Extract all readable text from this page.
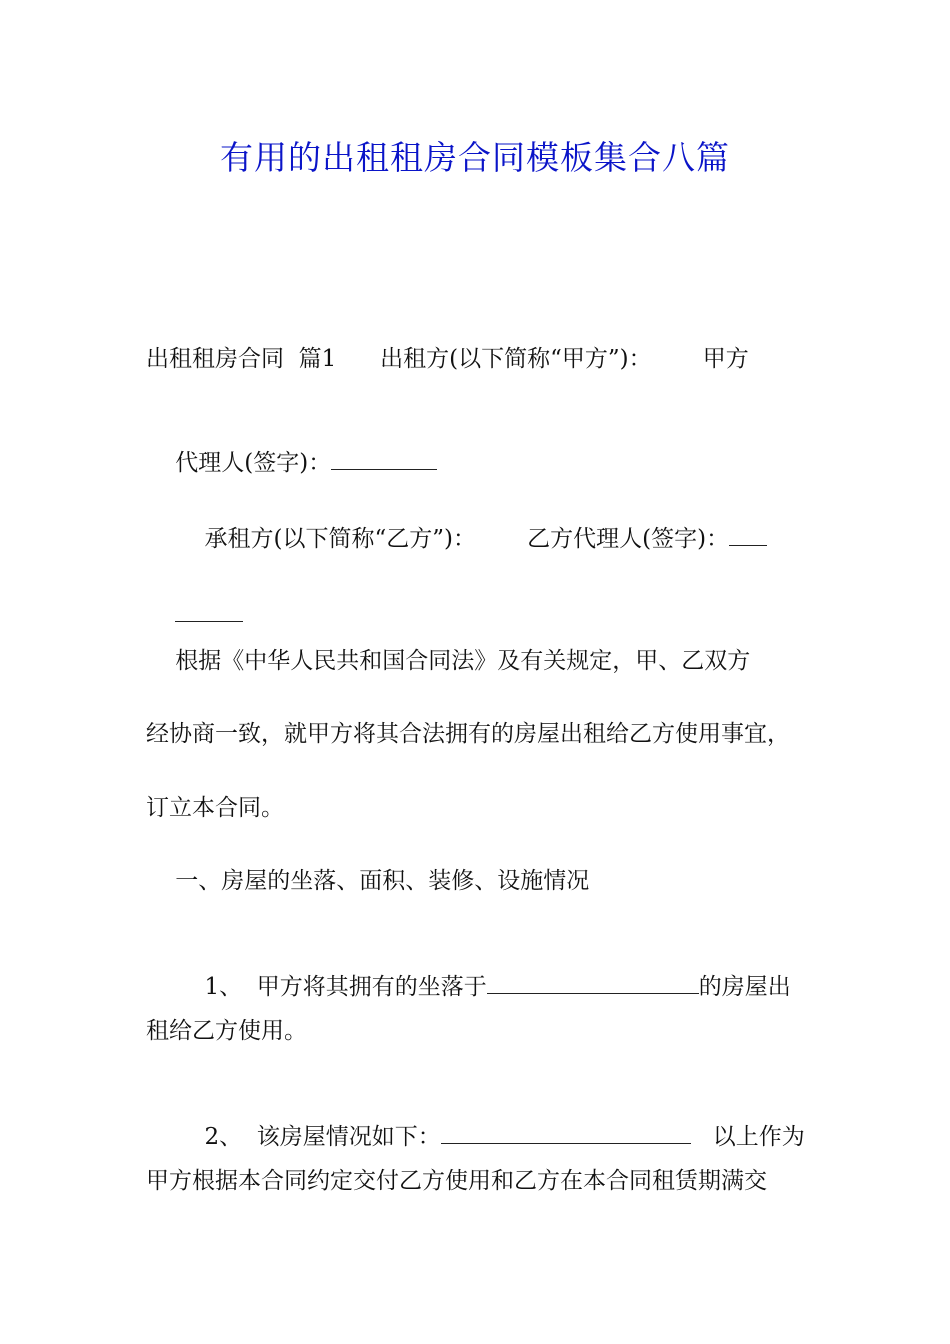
有用的出租租房合同模板集合八篇
出租租房合同  篇1      出租方(以下简称“甲方”)：       甲方

代理人(签字)：

承租方(以下简称“乙方”)：       乙方代理人(签字)：

根据《中华人民共和国合同法》及有关规定，甲、乙双方
经协商一致，就甲方将其合法拥有的房屋出租给乙方使用事宜，
订立本合同。
一、房屋的坐落、面积、装修、设施情况

1、  甲方将其拥有的坐落于	的房屋出

租给乙方使用。

2、  该房屋情况如下：	以上作为

甲方根据本合同约定交付乙方使用和乙方在本合同租赁期满交
